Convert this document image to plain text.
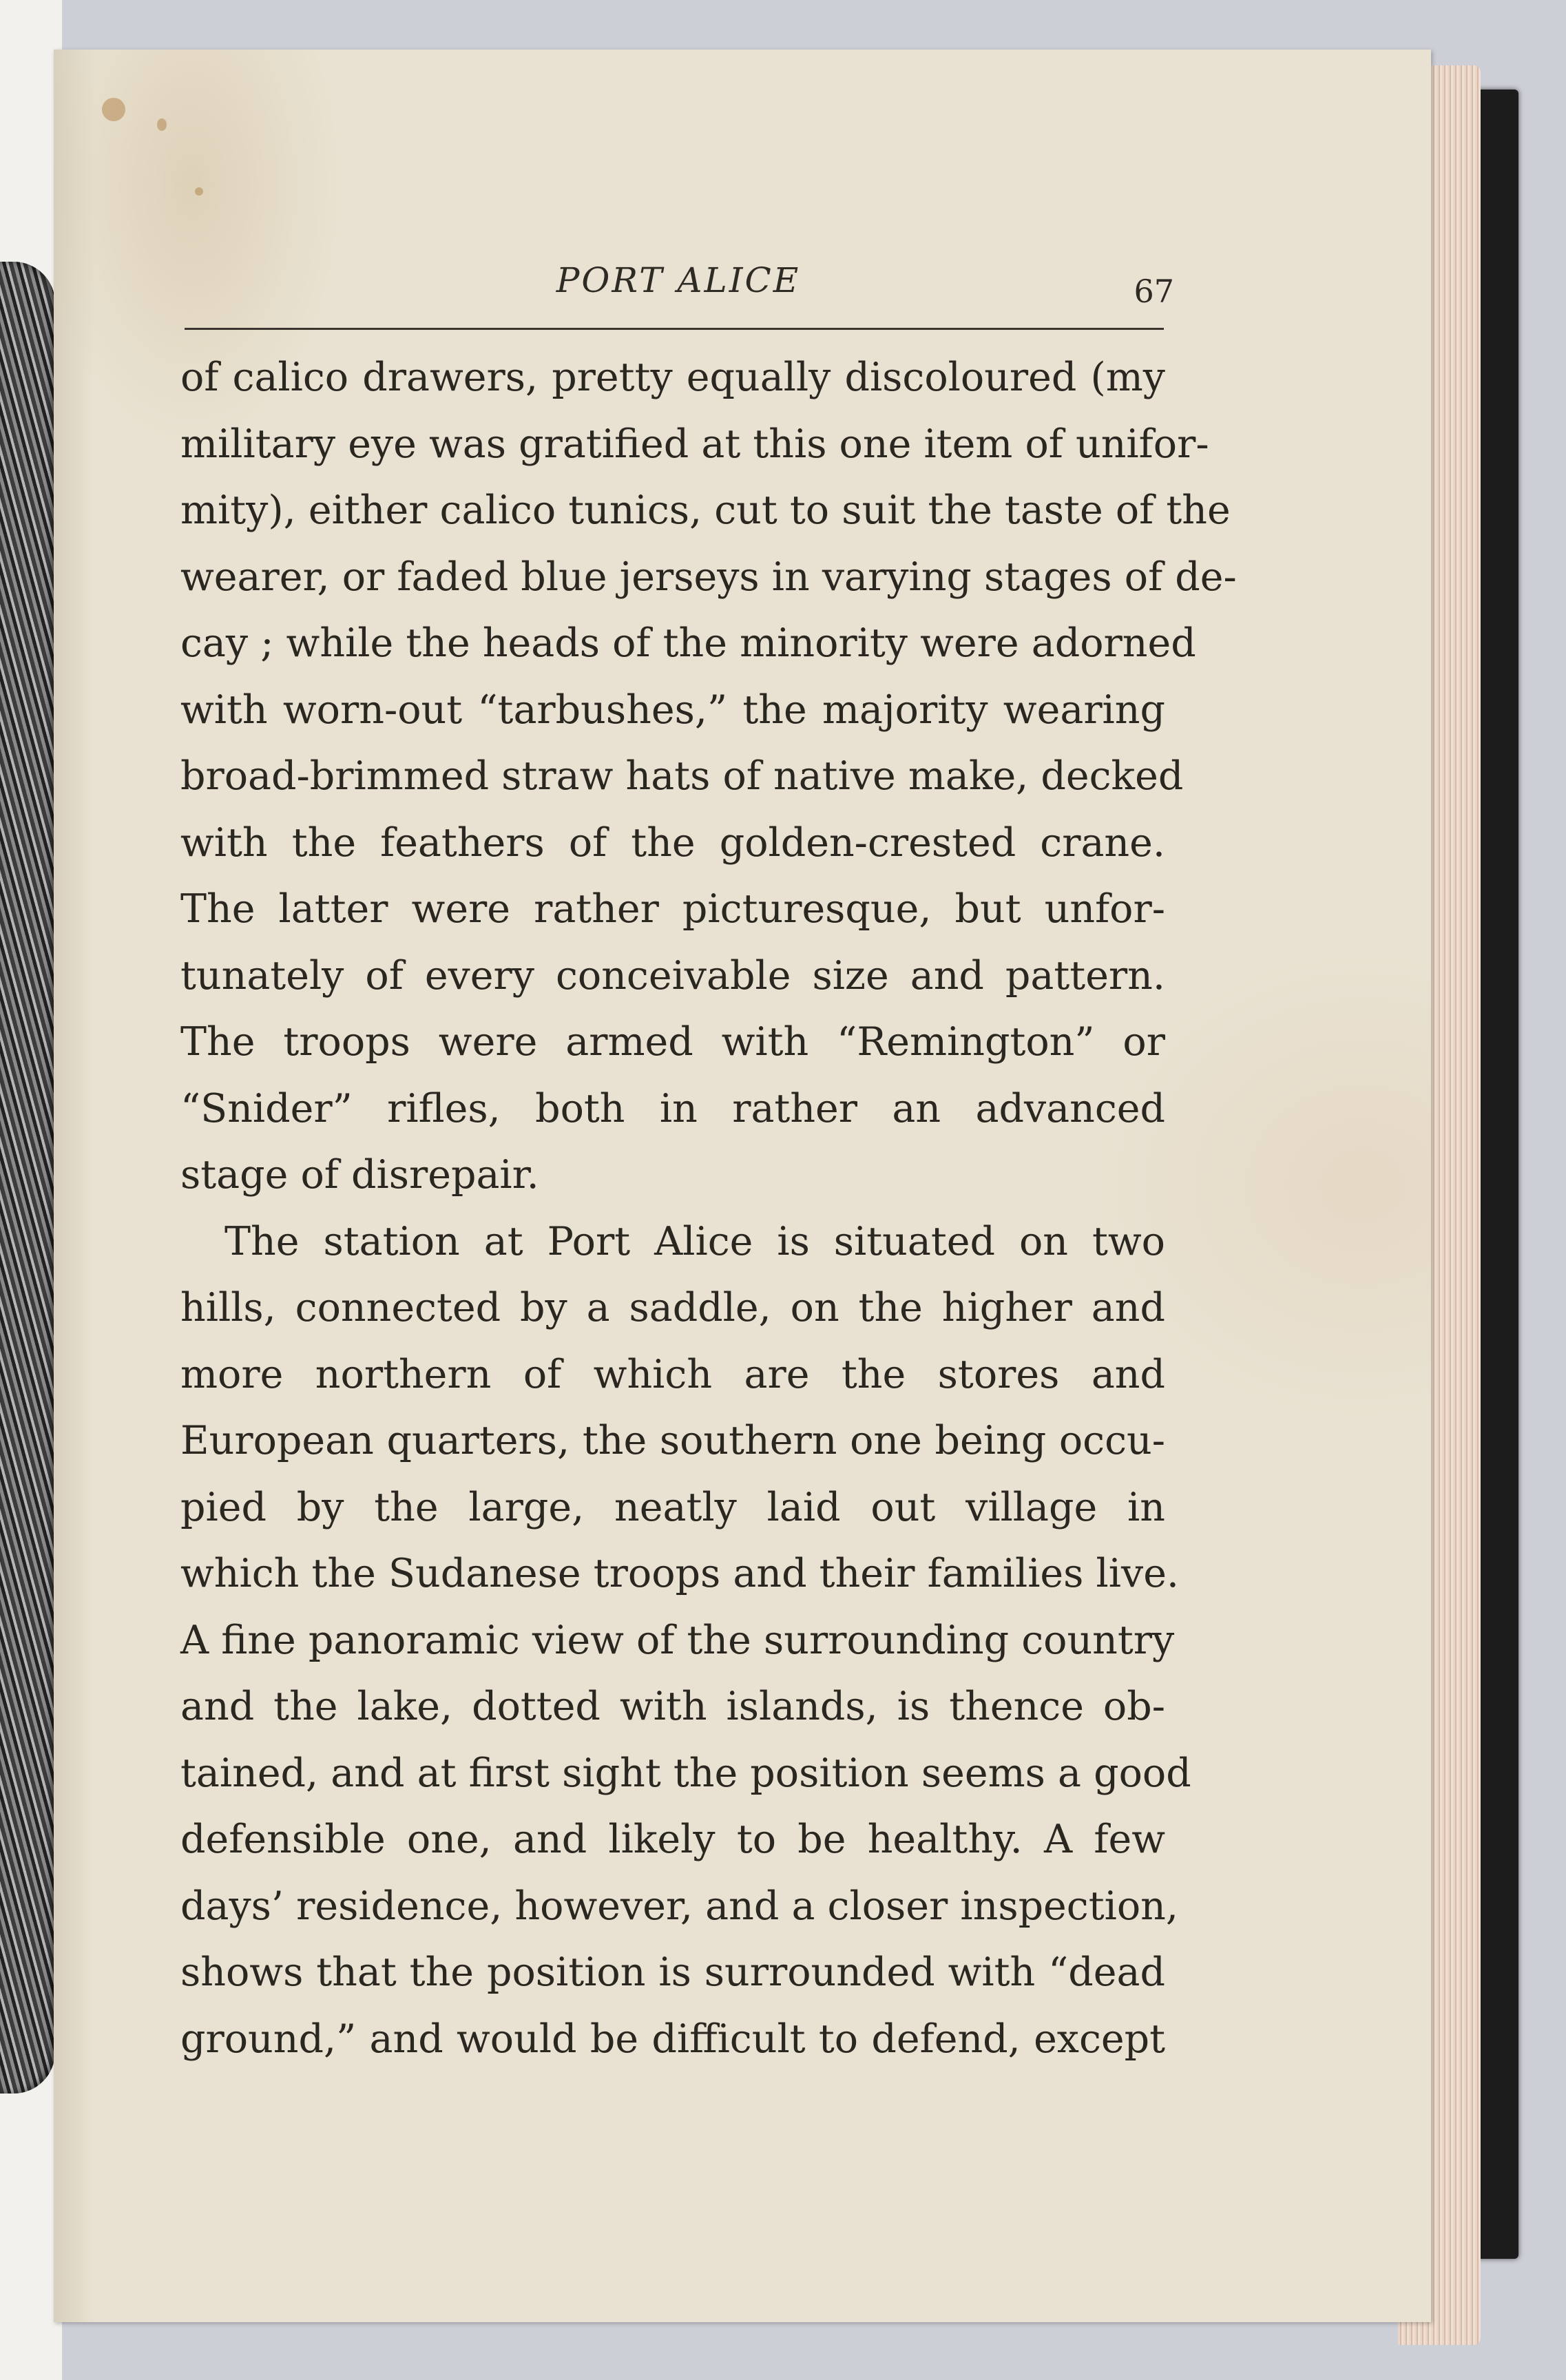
PORT ALICE	67
of calico drawers, pretty equally discoloured (my
military eye was gratified at this one item of unifor-
mity), either calico tunics, cut to suit the taste of the
wearer, or faded blue jerseys in varying stages of de-
cay ; while the heads of the minority were adorned
with worn-out “tarbushes,” the majority wearing
broad-brimmed straw hats of native make, decked
with the feathers of the golden-crested crane.
The latter were rather picturesque, but unfor-
tunately of every conceivable size and pattern.
The troops were armed with “Remington” or
“Snider” rifles, both in rather an advanced
stage of disrepair.
The station at Port Alice is situated on two
hills, connected by a saddle, on the higher and
more northern of which are the stores and
European quarters, the southern one being occu-
pied by the large, neatly laid out village in
which the Sudanese troops and their families live.
A fine panoramic view of the surrounding country
and the lake, dotted with islands, is thence ob-
tained, and at first sight the position seems a good
defensible one, and likely to be healthy. A few
days’ residence, however, and a closer inspection,
shows that the position is surrounded with “dead
ground,” and would be difficult to defend, except
